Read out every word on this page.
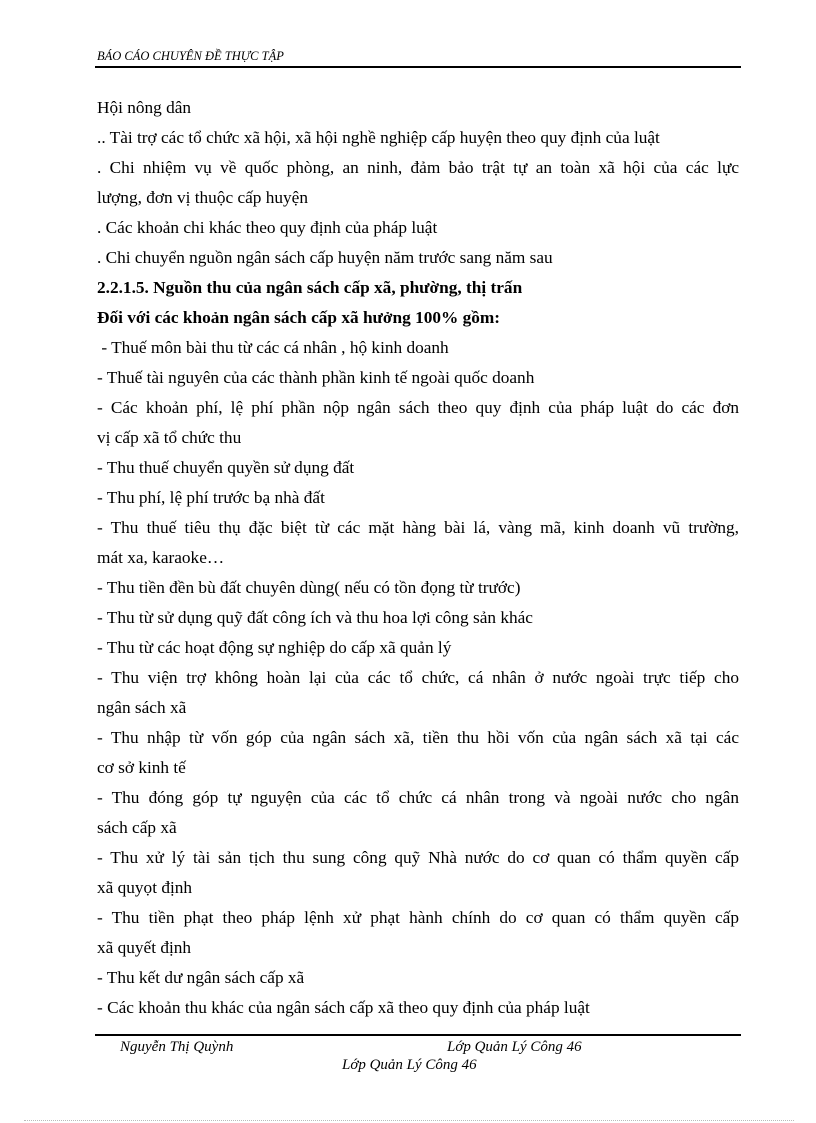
BÁO CÁO CHUYÊN ĐỀ THỰC TẬP
Hội nông dân
.. Tài trợ các tổ chức xã hội, xã hội nghề nghiệp cấp huyện theo quy định của luật
. Chi nhiệm vụ về quốc phòng, an ninh, đảm bảo trật tự an toàn xã hội của các lực
lượng, đơn vị thuộc cấp huyện
. Các khoản chi khác theo quy định của pháp luật
. Chi chuyển nguồn ngân sách cấp huyện năm trước sang năm sau
2.2.1.5. Nguồn thu của ngân sách cấp xã, phường, thị trấn
Đối với các khoản ngân sách cấp xã hưởng 100% gồm:
- Thuế môn bài thu từ các cá nhân , hộ kinh doanh
- Thuế tài nguyên của các thành phần kinh tế ngoài quốc doanh
- Các khoản phí, lệ phí phần nộp ngân sách theo quy định của pháp luật do các đơn
vị cấp xã tổ chức thu
- Thu thuế chuyển quyền sử dụng đất
- Thu phí, lệ phí trước bạ nhà đất
- Thu thuế tiêu thụ đặc biệt từ các mặt hàng bài lá, vàng mã, kinh doanh vũ trường,
mát xa, karaoke…
- Thu tiền đền bù đất chuyên dùng( nếu có tồn đọng từ trước)
- Thu từ sử dụng quỹ đất công ích và thu hoa lợi công sản khác
- Thu từ các hoạt động sự nghiệp do cấp xã quản lý
- Thu viện trợ không hoàn lại của các tổ chức, cá nhân ở nước ngoài trực tiếp cho
ngân sách xã
- Thu nhập từ vốn góp của ngân sách xã, tiền thu hồi vốn của ngân sách xã tại các
cơ sở kinh tế
- Thu đóng góp tự nguyện của các tổ chức cá nhân trong và ngoài nước cho ngân
sách cấp xã
- Thu xử lý tài sản tịch thu sung công quỹ Nhà nước do cơ quan có thẩm quyền cấp
xã quyọt định
- Thu tiền phạt theo pháp lệnh xử phạt hành chính do cơ quan có thẩm quyền cấp
xã quyết định
- Thu kết dư ngân sách cấp xã
- Các khoản thu khác của ngân sách cấp xã theo quy định của pháp luật
Nguyễn Thị Quỳnh	Lớp Quản Lý Công 46
Lớp Quản Lý Công 46
